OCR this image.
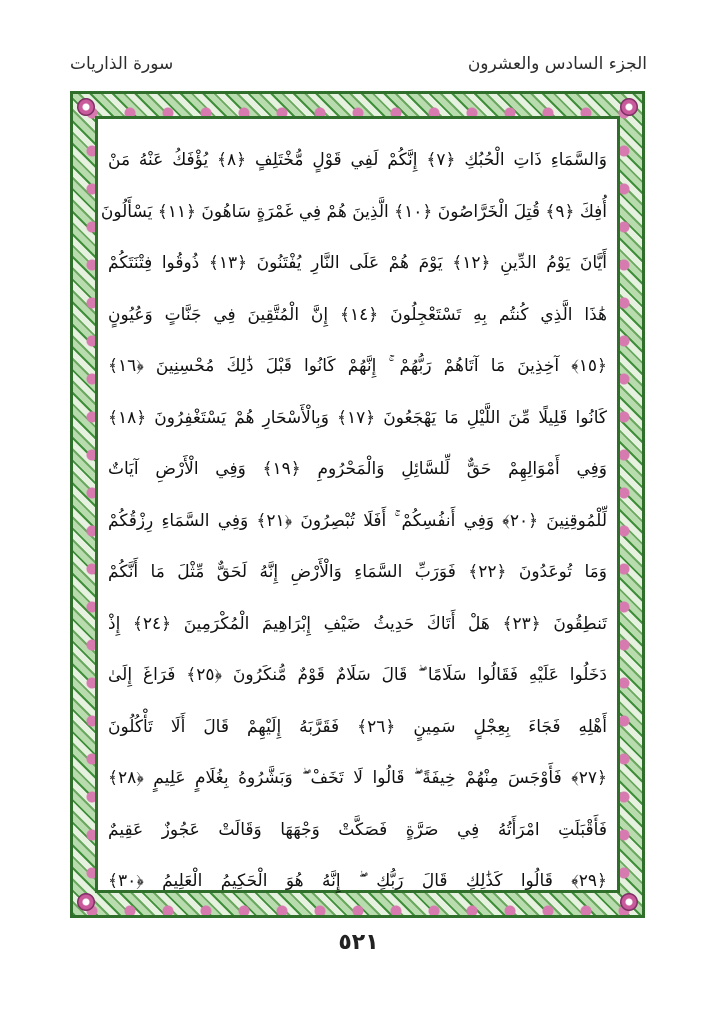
الجزء السادس والعشرون
سورة الذاريات
وَالسَّمَاءِ ذَاتِ الْحُبُكِ ﴿٧﴾ إِنَّكُمْ لَفِي قَوْلٍ مُّخْتَلِفٍ ﴿٨﴾ يُؤْفَكُ عَنْهُ مَنْ
أُفِكَ ﴿٩﴾ قُتِلَ الْخَرَّاصُونَ ﴿١٠﴾ الَّذِينَ هُمْ فِي غَمْرَةٍ سَاهُونَ ﴿١١﴾ يَسْأَلُونَ
أَيَّانَ يَوْمُ الدِّينِ ﴿١٢﴾ يَوْمَ هُمْ عَلَى النَّارِ يُفْتَنُونَ ﴿١٣﴾ ذُوقُوا فِتْنَتَكُمْ
هَٰذَا الَّذِي كُنتُم بِهِ تَسْتَعْجِلُونَ ﴿١٤﴾ إِنَّ الْمُتَّقِينَ فِي جَنَّاتٍ وَعُيُونٍ
﴿١٥﴾ آخِذِينَ مَا آتَاهُمْ رَبُّهُمْ ۚ إِنَّهُمْ كَانُوا قَبْلَ ذَٰلِكَ مُحْسِنِينَ ﴿١٦﴾
كَانُوا قَلِيلًا مِّنَ اللَّيْلِ مَا يَهْجَعُونَ ﴿١٧﴾ وَبِالْأَسْحَارِ هُمْ يَسْتَغْفِرُونَ ﴿١٨﴾
وَفِي أَمْوَالِهِمْ حَقٌّ لِّلسَّائِلِ وَالْمَحْرُومِ ﴿١٩﴾ وَفِي الْأَرْضِ آيَاتٌ
لِّلْمُوقِنِينَ ﴿٢٠﴾ وَفِي أَنفُسِكُمْ ۚ أَفَلَا تُبْصِرُونَ ﴿٢١﴾ وَفِي السَّمَاءِ رِزْقُكُمْ
وَمَا تُوعَدُونَ ﴿٢٢﴾ فَوَرَبِّ السَّمَاءِ وَالْأَرْضِ إِنَّهُ لَحَقٌّ مِّثْلَ مَا أَنَّكُمْ
تَنطِقُونَ ﴿٢٣﴾ هَلْ أَتَاكَ حَدِيثُ ضَيْفِ إِبْرَاهِيمَ الْمُكْرَمِينَ ﴿٢٤﴾ إِذْ
دَخَلُوا عَلَيْهِ فَقَالُوا سَلَامًا ۖ قَالَ سَلَامٌ قَوْمٌ مُّنكَرُونَ ﴿٢٥﴾ فَرَاغَ إِلَىٰ
أَهْلِهِ فَجَاءَ بِعِجْلٍ سَمِينٍ ﴿٢٦﴾ فَقَرَّبَهُ إِلَيْهِمْ قَالَ أَلَا تَأْكُلُونَ
﴿٢٧﴾ فَأَوْجَسَ مِنْهُمْ خِيفَةً ۖ قَالُوا لَا تَخَفْ ۖ وَبَشَّرُوهُ بِغُلَامٍ عَلِيمٍ ﴿٢٨﴾
فَأَقْبَلَتِ امْرَأَتُهُ فِي صَرَّةٍ فَصَكَّتْ وَجْهَهَا وَقَالَتْ عَجُوزٌ عَقِيمٌ
﴿٢٩﴾ قَالُوا كَذَٰلِكِ قَالَ رَبُّكِ ۖ إِنَّهُ هُوَ الْحَكِيمُ الْعَلِيمُ ﴿٣٠﴾
٥٢١
